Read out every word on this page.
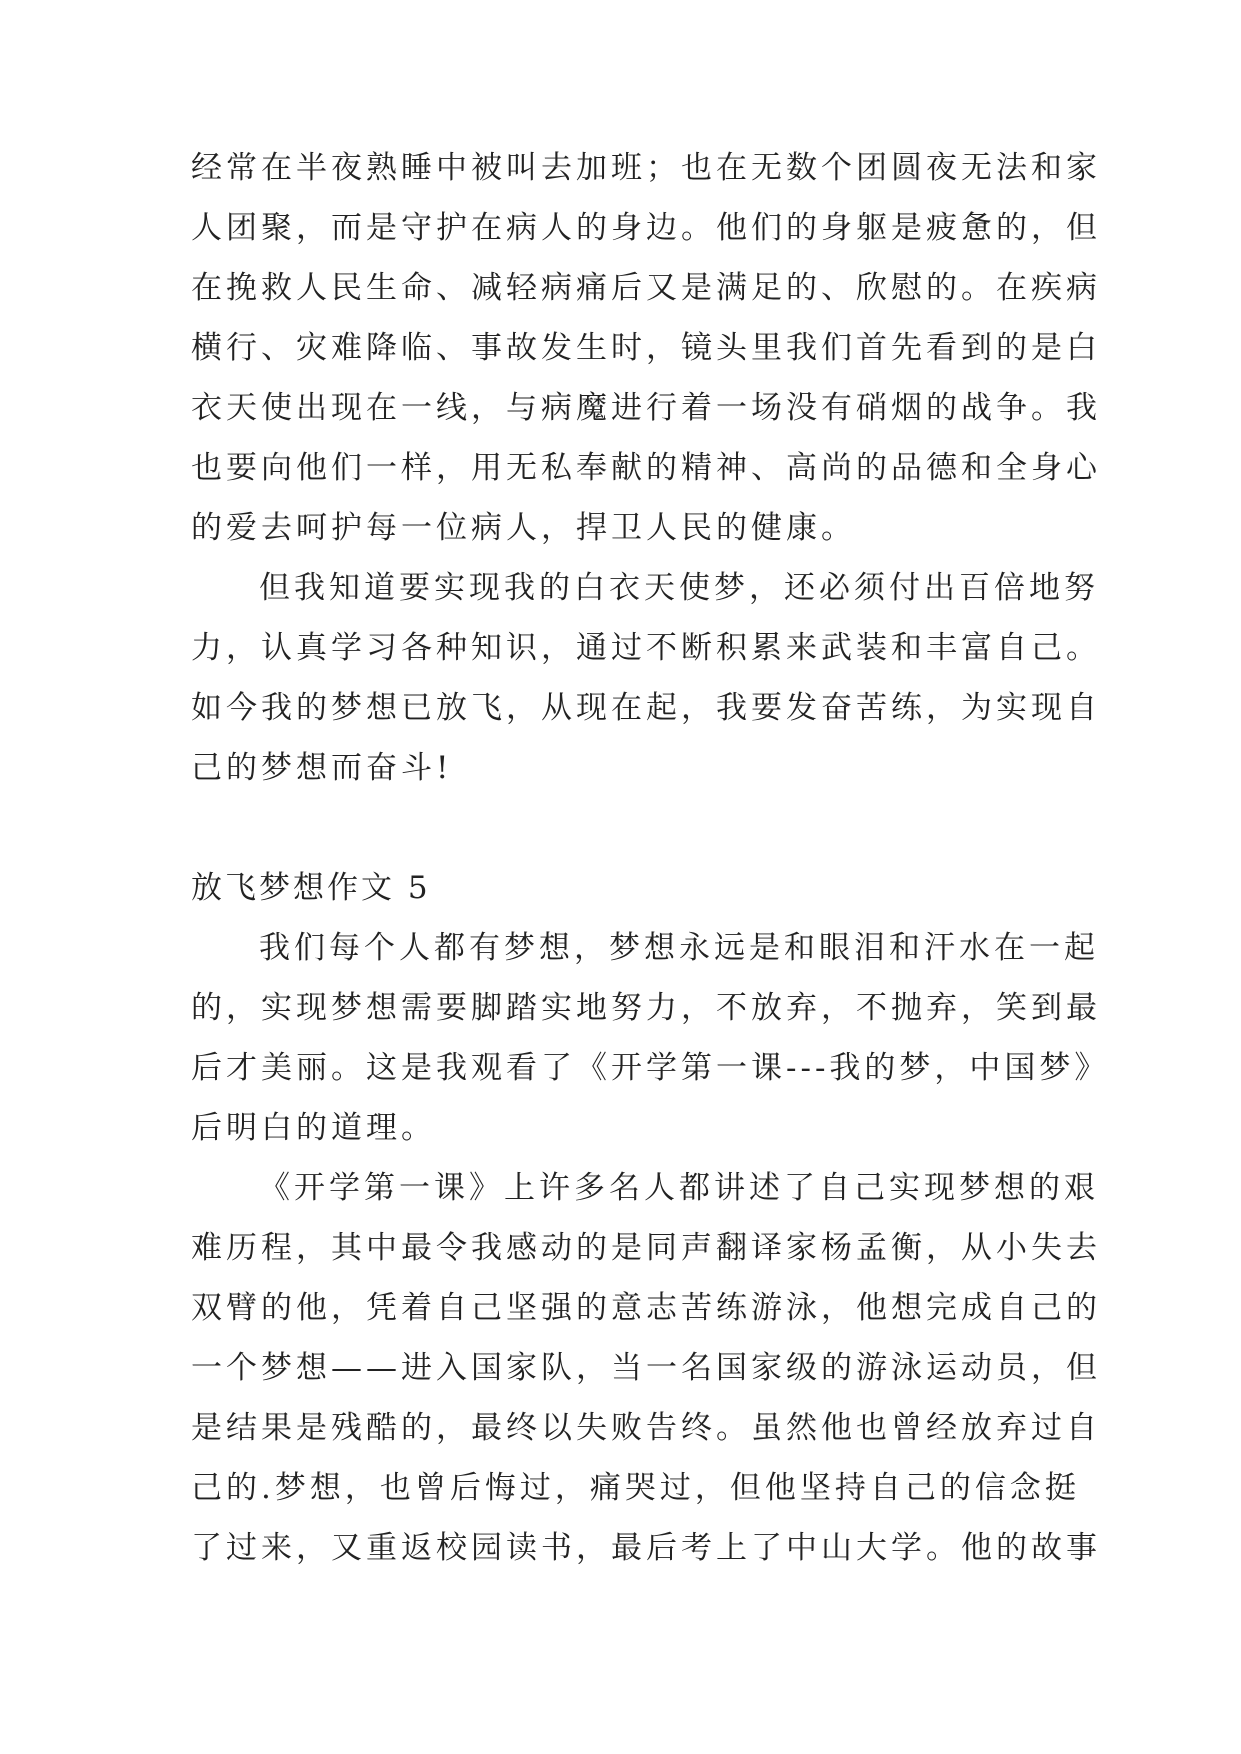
经常在半夜熟睡中被叫去加班；也在无数个团圆夜无法和家
人团聚，而是守护在病人的身边。他们的身躯是疲惫的，但
在挽救人民生命、减轻病痛后又是满足的、欣慰的。在疾病
横行、灾难降临、事故发生时，镜头里我们首先看到的是白
衣天使出现在一线，与病魔进行着一场没有硝烟的战争。我
也要向他们一样，用无私奉献的精神、高尚的品德和全身心
的爱去呵护每一位病人，捍卫人民的健康。
但我知道要实现我的白衣天使梦，还必须付出百倍地努
力，认真学习各种知识，通过不断积累来武装和丰富自己。
如今我的梦想已放飞，从现在起，我要发奋苦练，为实现自
己的梦想而奋斗!
放飞梦想作文 5
我们每个人都有梦想，梦想永远是和眼泪和汗水在一起
的，实现梦想需要脚踏实地努力，不放弃，不抛弃，笑到最
后才美丽。这是我观看了《开学第一课---我的梦，中国梦》
后明白的道理。
《开学第一课》上许多名人都讲述了自己实现梦想的艰
难历程，其中最令我感动的是同声翻译家杨孟衡，从小失去
双臂的他，凭着自己坚强的意志苦练游泳，他想完成自己的
一个梦想——进入国家队，当一名国家级的游泳运动员，但
是结果是残酷的，最终以失败告终。虽然他也曾经放弃过自
己的.梦想，也曾后悔过，痛哭过，但他坚持自己的信念挺
了过来，又重返校园读书，最后考上了中山大学。他的故事
